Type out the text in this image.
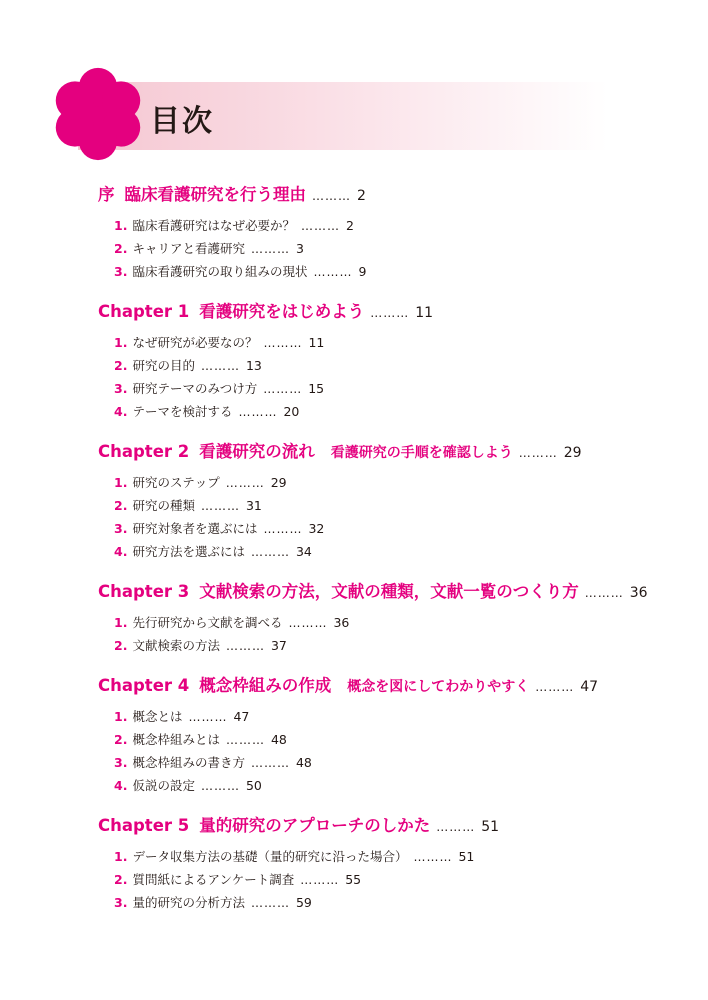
目次
序 臨床看護研究を行う理由 ……… 2
1. 臨床看護研究はなぜ必要か？ ……… 2
2. キャリアと看護研究 ……… 3
3. 臨床看護研究の取り組みの現状 ……… 9
Chapter 1 看護研究をはじめよう ……… 11
1. なぜ研究が必要なの？ ……… 11
2. 研究の目的 ……… 13
3. 研究テーマのみつけ方 ……… 15
4. テーマを検討する ……… 20
Chapter 2 看護研究の流れ 看護研究の手順を確認しよう ……… 29
1. 研究のステップ ……… 29
2. 研究の種類 ……… 31
3. 研究対象者を選ぶには ……… 32
4. 研究方法を選ぶには ……… 34
Chapter 3 文献検索の方法，文献の種類，文献一覧のつくり方 ……… 36
1. 先行研究から文献を調べる ……… 36
2. 文献検索の方法 ……… 37
Chapter 4 概念枠組みの作成 概念を図にしてわかりやすく ……… 47
1. 概念とは ……… 47
2. 概念枠組みとは ……… 48
3. 概念枠組みの書き方 ……… 48
4. 仮説の設定 ……… 50
Chapter 5 量的研究のアプローチのしかた ……… 51
1. データ収集方法の基礎（量的研究に沿った場合） ……… 51
2. 質問紙によるアンケート調査 ……… 55
3. 量的研究の分析方法 ……… 59
